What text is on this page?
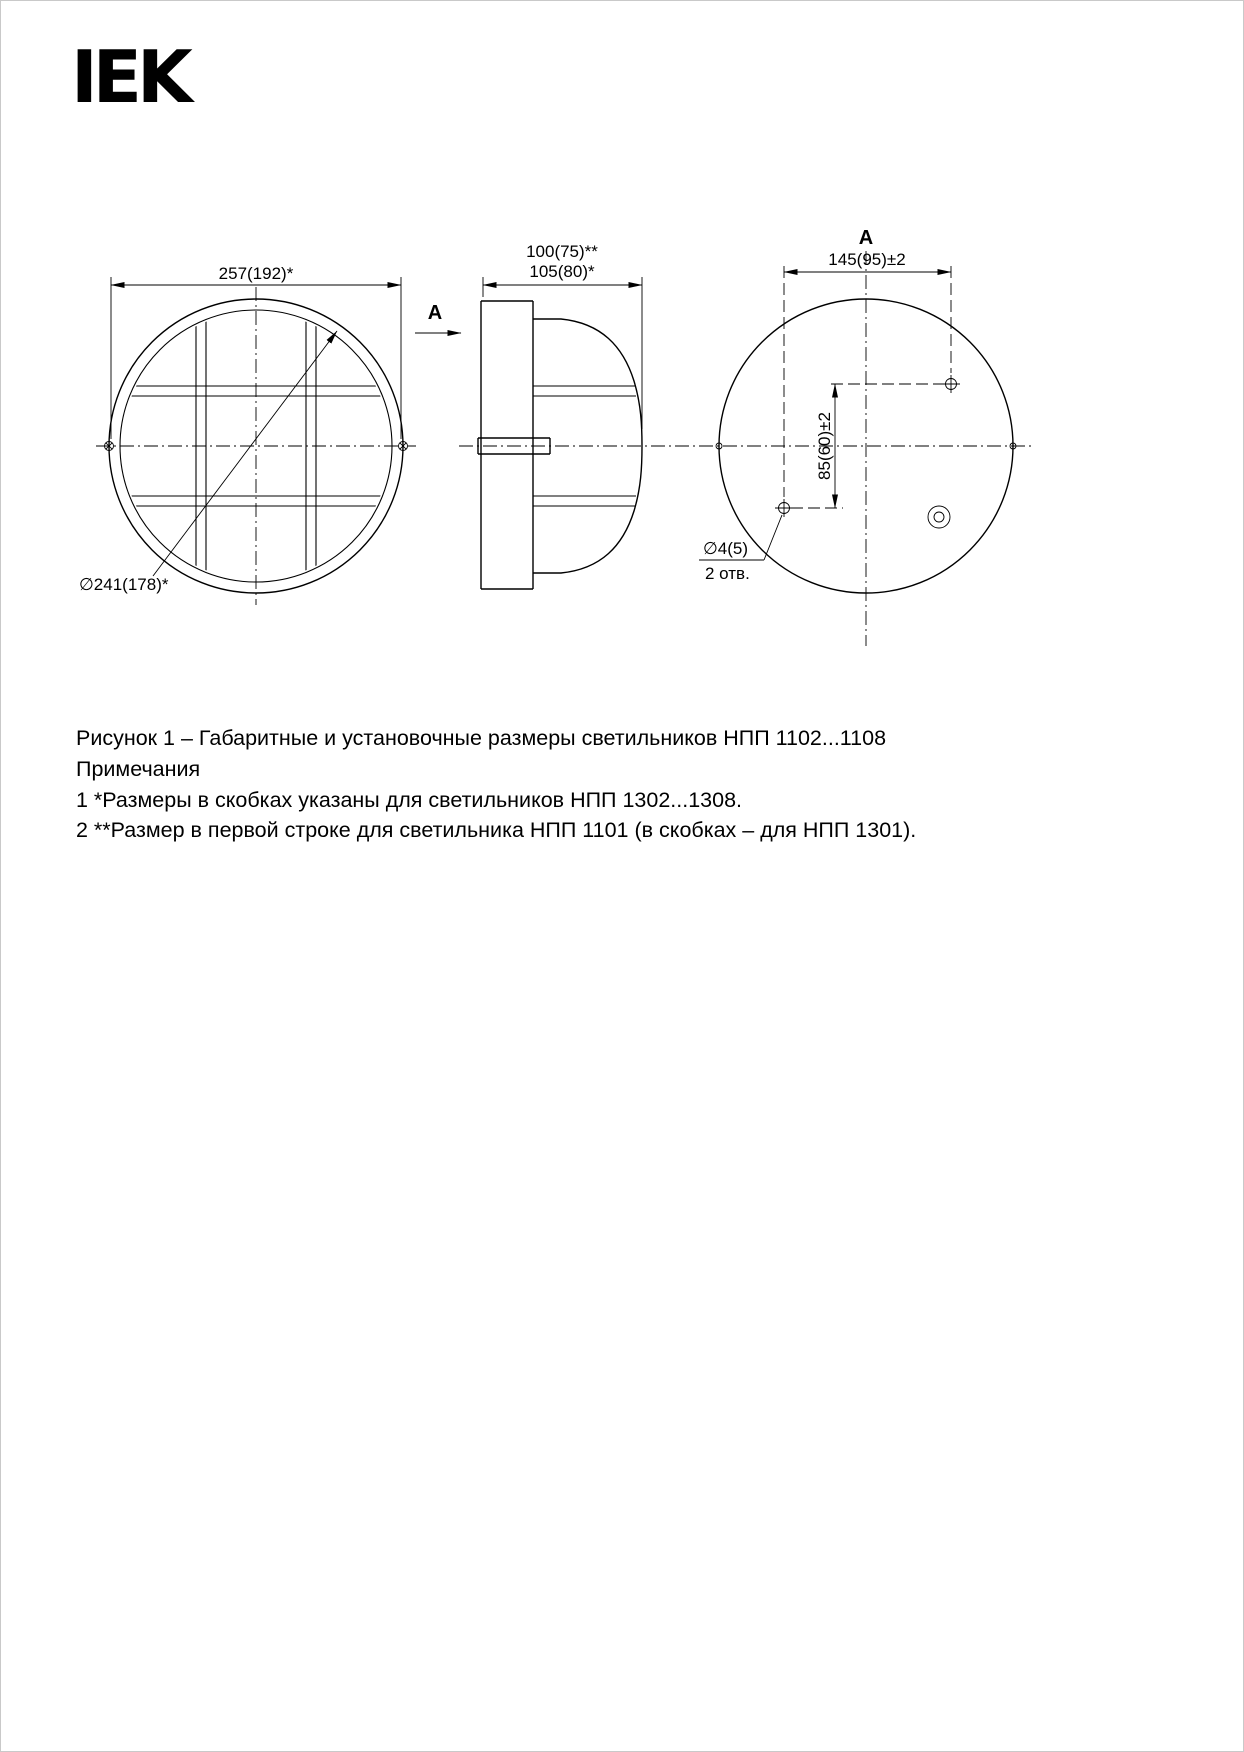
IEK
257(192)*
∅241(178)*
100(75)**
105(80)*
A
A
145(95)±2
85(60)±2
∅4(5)
2 отв.
Рисунок 1 – Габаритные и установочные размеры светильников НПП 1102...1108
Примечания
1 *Размеры в скобках указаны для светильников НПП 1302...1308.
2 **Размер в первой строке для светильника НПП 1101 (в скобках – для НПП 1301).
